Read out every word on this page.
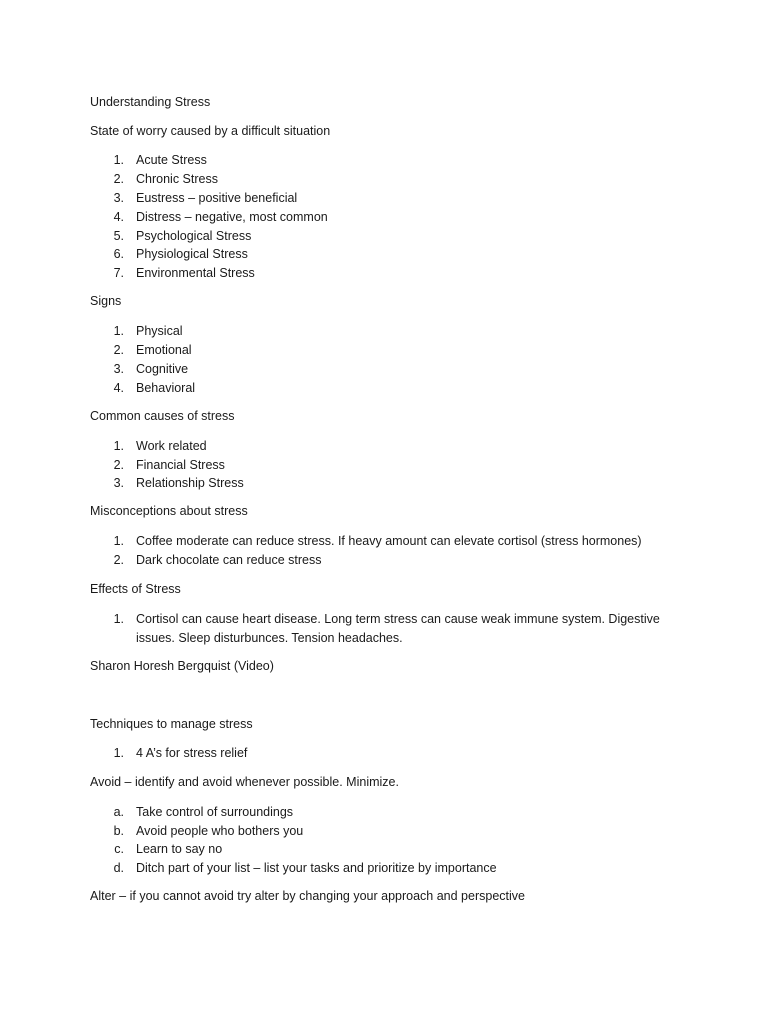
Understanding Stress
State of worry caused by a difficult situation
1. Acute Stress
2. Chronic Stress
3. Eustress – positive beneficial
4. Distress – negative, most common
5. Psychological Stress
6. Physiological Stress
7. Environmental Stress
Signs
1. Physical
2. Emotional
3. Cognitive
4. Behavioral
Common causes of stress
1. Work related
2. Financial Stress
3. Relationship Stress
Misconceptions about stress
1. Coffee moderate can reduce stress. If heavy amount can elevate cortisol (stress hormones)
2. Dark chocolate can reduce stress
Effects of Stress
1. Cortisol can cause heart disease. Long term stress can cause weak immune system. Digestive issues. Sleep disturbunces. Tension headaches.
Sharon Horesh Bergquist (Video)
Techniques to manage stress
1. 4 A’s for stress relief
Avoid – identify and avoid whenever possible. Minimize.
a. Take control of surroundings
b. Avoid people who bothers you
c. Learn to say no
d. Ditch part of your list – list your tasks and prioritize by importance
Alter – if you cannot avoid try alter by changing your approach and perspective
